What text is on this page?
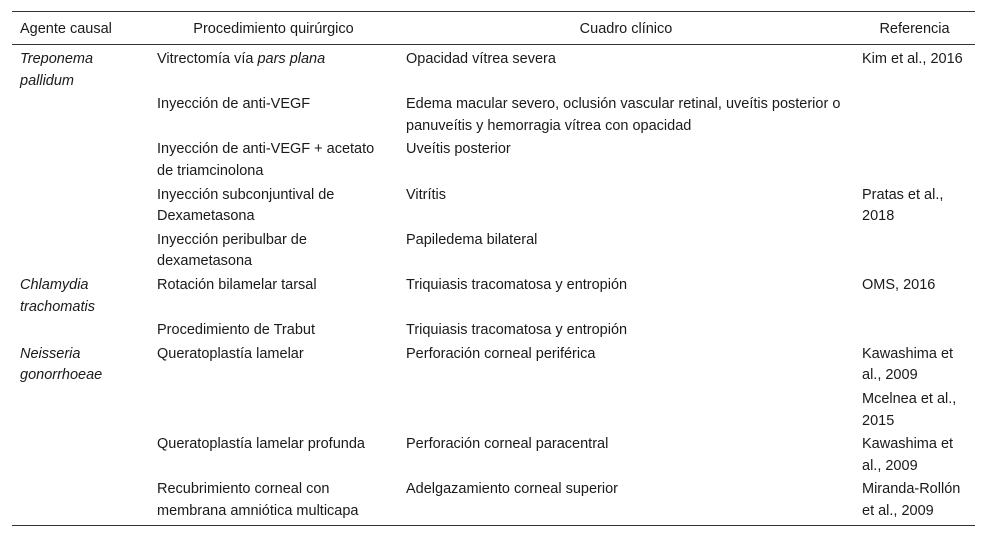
Agente causal	Procedimiento quirúrgico	Cuadro clínico	Referencia
Treponema pallidum	Vitrectomía vía pars plana	Opacidad vítrea severa	Kim et al., 2016
	Inyección de anti-VEGF	Edema macular severo, oclusión vascular retinal, uveítis posterior o panuveítis y hemorragia vítrea con opacidad	
	Inyección de anti-VEGF + acetato de triamcinolona	Uveítis posterior	
	Inyección subconjuntival de Dexametasona	Vitrítis	Pratas et al., 2018
	Inyección peribulbar de dexametasona	Papiledema bilateral	
Chlamydia trachomatis	Rotación bilamelar tarsal	Triquiasis tracomatosa y entropión	OMS, 2016
	Procedimiento de Trabut	Triquiasis tracomatosa y entropión	
Neisseria gonorrhoeae	Queratoplastía lamelar	Perforación corneal periférica	Kawashima et al., 2009
			Mcelnea et al., 2015
	Queratoplastía lamelar profunda	Perforación corneal paracentral	Kawashima et al., 2009
	Recubrimiento corneal con membrana amniótica multicapa	Adelgazamiento corneal superior	Miranda-Rollón et al., 2009
